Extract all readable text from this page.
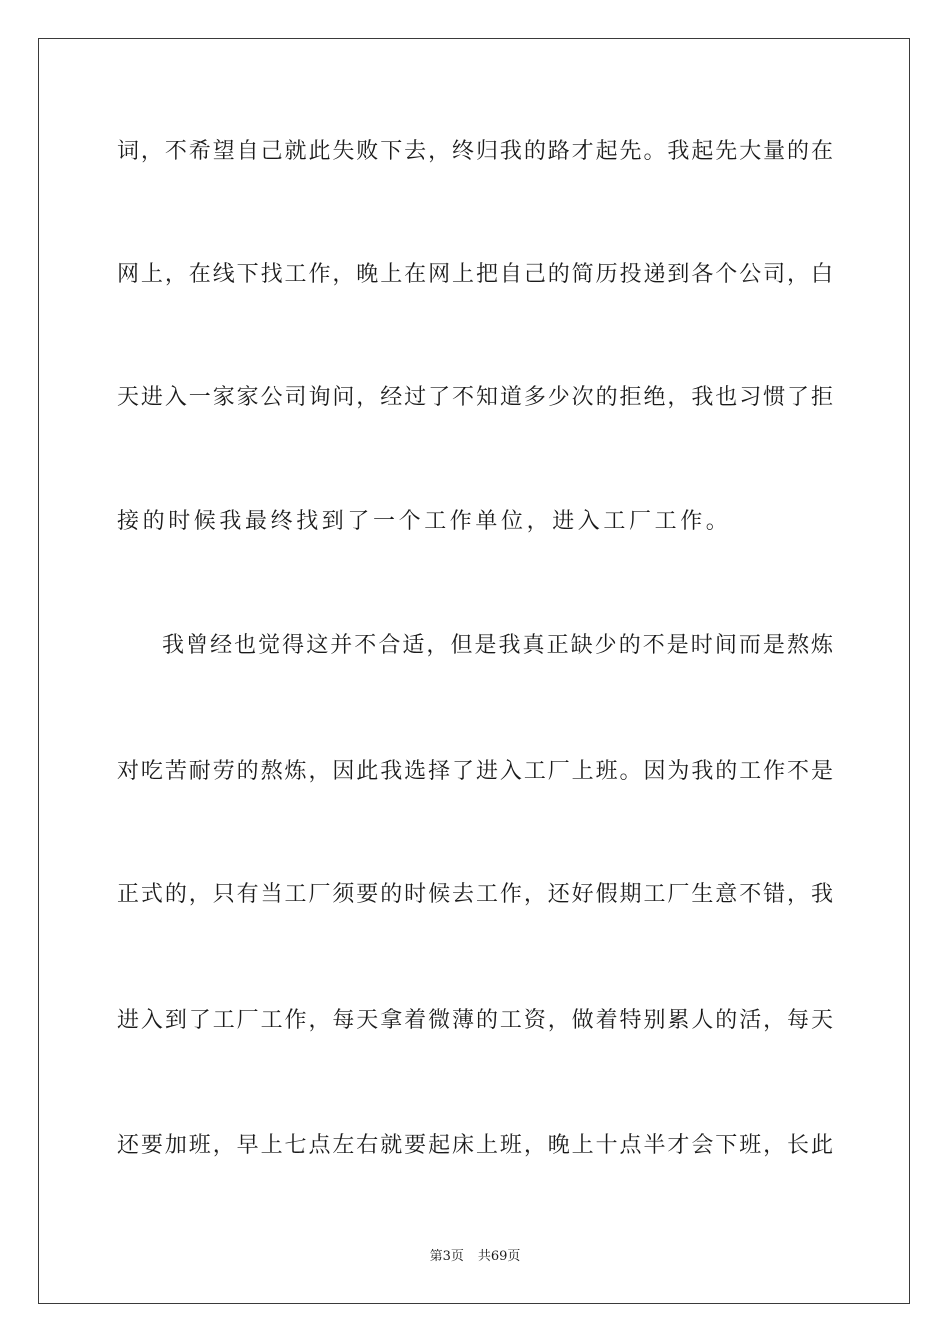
词，不希望自己就此失败下去，终归我的路才起先。我起先大量的在
网上，在线下找工作，晚上在网上把自己的简历投递到各个公司，白
天进入一家家公司询问，经过了不知道多少次的拒绝，我也习惯了拒
接的时候我最终找到了一个工作单位，进入工厂工作。
我曾经也觉得这并不合适，但是我真正缺少的不是时间而是熬炼
对吃苦耐劳的熬炼，因此我选择了进入工厂上班。因为我的工作不是
正式的，只有当工厂须要的时候去工作，还好假期工厂生意不错，我
进入到了工厂工作，每天拿着微薄的工资，做着特别累人的活，每天
还要加班，早上七点左右就要起床上班，晚上十点半才会下班，长此
第3页 共69页
